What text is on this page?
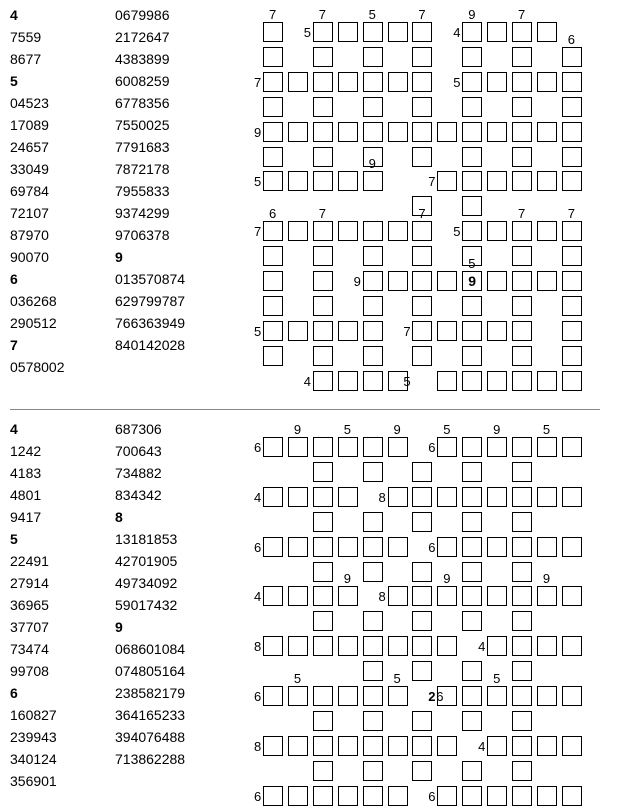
4
7559
8677
5
04523
17089
24657
33049
69784
72107
87970
90070
6
036268
290512
7
0578002
0679986
2172647
4383899
6008259
6778356
7550025
7791683
7872178
7955833
9374299
9706378
9
013570874
629799787
766363949
840142028
9
7	7	5	7	9	7
5	4	6
7	5
9
9
5	7
6	7	7	7	7
7	5
5
9
5	7
4	5
4
1242
4183
4801
9417
5
22491
27914
36965
37707
73474
99708
6
160827
239943
340124
356901
687306
700643
734882
834342
8
13181853
42701905
49734092
59017432
9
068601084
074805164
238582179
364165233
394076488
713862288
6
9	5	9
6
5	9	5
4	8
6	6
4	8
9	9	9
8	4
6
5	5
2 6
5
8	4
6	6
